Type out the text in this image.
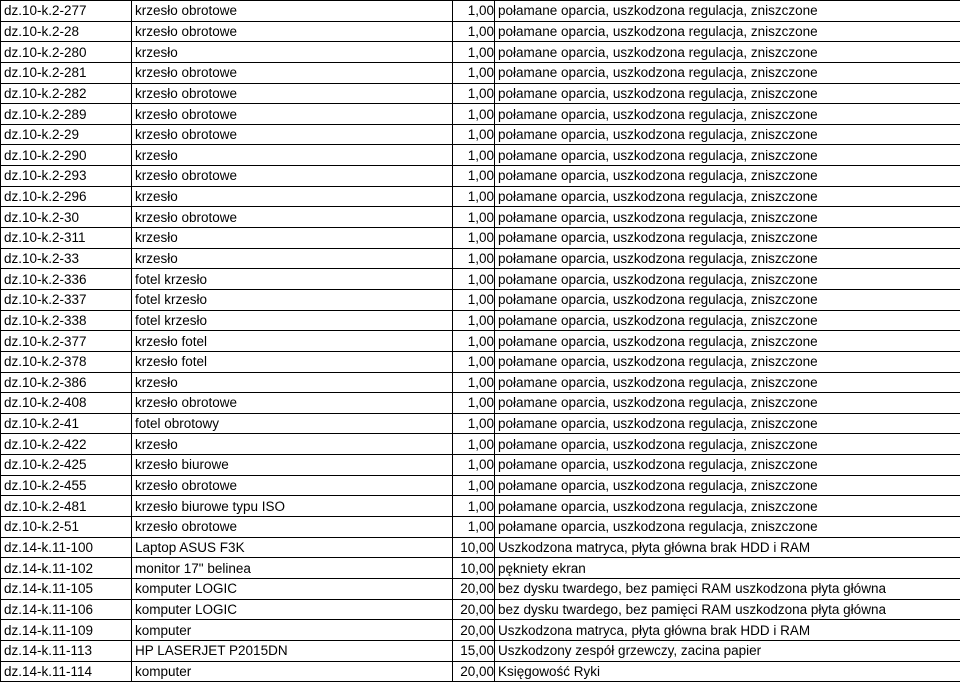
dz.10-k.2-277	krzesło obrotowe	1,00	połamane oparcia, uszkodzona regulacja, zniszczone
dz.10-k.2-28	krzesło obrotowe	1,00	połamane oparcia, uszkodzona regulacja, zniszczone
dz.10-k.2-280	krzesło	1,00	połamane oparcia, uszkodzona regulacja, zniszczone
dz.10-k.2-281	krzesło obrotowe	1,00	połamane oparcia, uszkodzona regulacja, zniszczone
dz.10-k.2-282	krzesło obrotowe	1,00	połamane oparcia, uszkodzona regulacja, zniszczone
dz.10-k.2-289	krzesło obrotowe	1,00	połamane oparcia, uszkodzona regulacja, zniszczone
dz.10-k.2-29	krzesło obrotowe	1,00	połamane oparcia, uszkodzona regulacja, zniszczone
dz.10-k.2-290	krzesło	1,00	połamane oparcia, uszkodzona regulacja, zniszczone
dz.10-k.2-293	krzesło obrotowe	1,00	połamane oparcia, uszkodzona regulacja, zniszczone
dz.10-k.2-296	krzesło	1,00	połamane oparcia, uszkodzona regulacja, zniszczone
dz.10-k.2-30	krzesło obrotowe	1,00	połamane oparcia, uszkodzona regulacja, zniszczone
dz.10-k.2-311	krzesło	1,00	połamane oparcia, uszkodzona regulacja, zniszczone
dz.10-k.2-33	krzesło	1,00	połamane oparcia, uszkodzona regulacja, zniszczone
dz.10-k.2-336	fotel krzesło	1,00	połamane oparcia, uszkodzona regulacja, zniszczone
dz.10-k.2-337	fotel krzesło	1,00	połamane oparcia, uszkodzona regulacja, zniszczone
dz.10-k.2-338	fotel krzesło	1,00	połamane oparcia, uszkodzona regulacja, zniszczone
dz.10-k.2-377	krzesło fotel	1,00	połamane oparcia, uszkodzona regulacja, zniszczone
dz.10-k.2-378	krzesło fotel	1,00	połamane oparcia, uszkodzona regulacja, zniszczone
dz.10-k.2-386	krzesło	1,00	połamane oparcia, uszkodzona regulacja, zniszczone
dz.10-k.2-408	krzesło obrotowe	1,00	połamane oparcia, uszkodzona regulacja, zniszczone
dz.10-k.2-41	fotel obrotowy	1,00	połamane oparcia, uszkodzona regulacja, zniszczone
dz.10-k.2-422	krzesło	1,00	połamane oparcia, uszkodzona regulacja, zniszczone
dz.10-k.2-425	krzesło biurowe	1,00	połamane oparcia, uszkodzona regulacja, zniszczone
dz.10-k.2-455	krzesło obrotowe	1,00	połamane oparcia, uszkodzona regulacja, zniszczone
dz.10-k.2-481	krzesło biurowe typu ISO	1,00	połamane oparcia, uszkodzona regulacja, zniszczone
dz.10-k.2-51	krzesło obrotowe	1,00	połamane oparcia, uszkodzona regulacja, zniszczone
dz.14-k.11-100	Laptop ASUS F3K	10,00	Uszkodzona matryca, płyta główna brak HDD i RAM
dz.14-k.11-102	monitor 17" belinea	10,00	pękniety ekran
dz.14-k.11-105	komputer LOGIC	20,00	bez dysku twardego, bez pamięci RAM uszkodzona płyta główna
dz.14-k.11-106	komputer LOGIC	20,00	bez dysku twardego, bez pamięci RAM uszkodzona płyta główna
dz.14-k.11-109	komputer	20,00	Uszkodzona matryca, płyta główna brak HDD i RAM
dz.14-k.11-113	HP LASERJET P2015DN	15,00	Uszkodzony zespół grzewczy, zacina papier
dz.14-k.11-114	komputer	20,00	Księgowość Ryki
